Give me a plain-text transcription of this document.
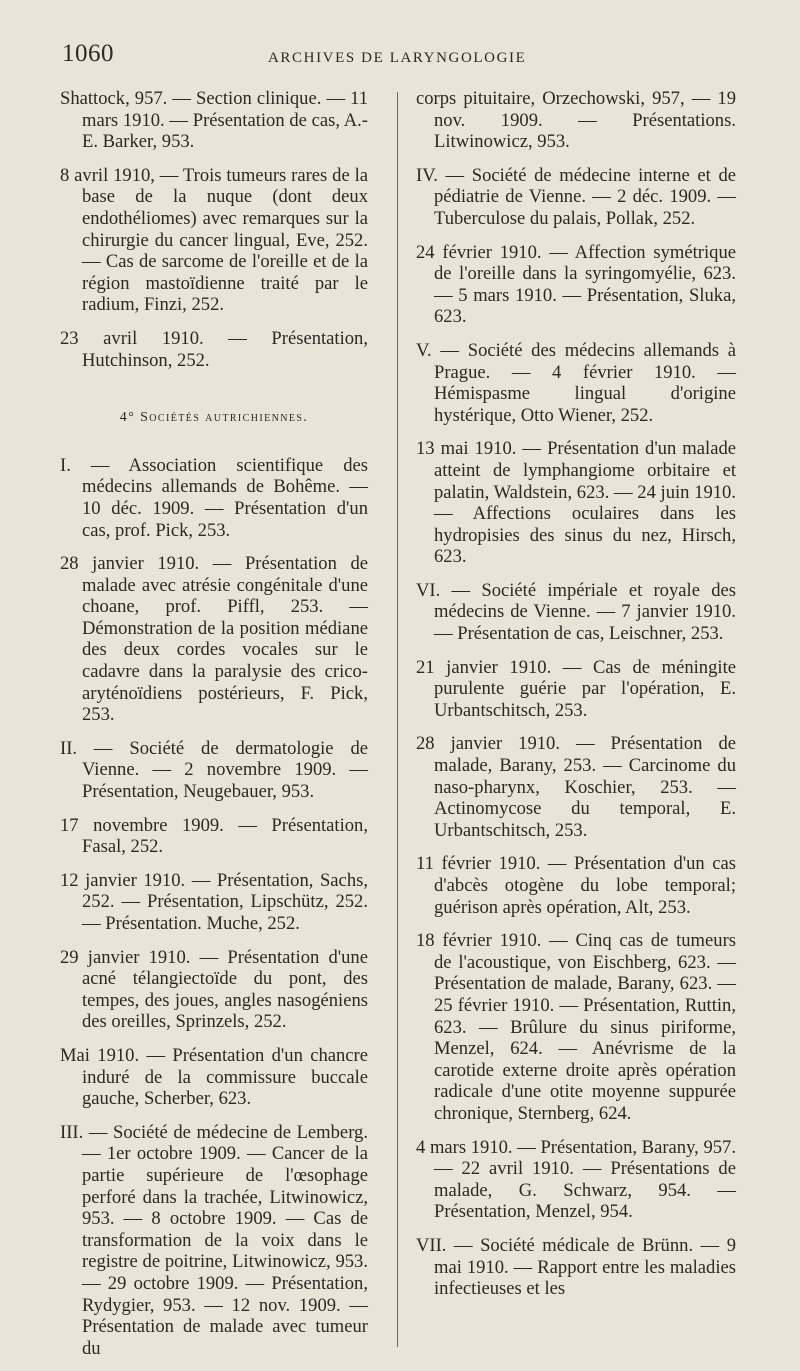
1060	ARCHIVES DE LARYNGOLOGIE

Shattock, 957. — Section clinique. — 11 mars 1910. — Présentation de cas, A.-E. Barker, 953.

8 avril 1910, — Trois tumeurs rares de la base de la nuque (dont deux endothéliomes) avec remarques sur la chirurgie du cancer lingual, Eve, 252. — Cas de sarcome de l'oreille et de la région mastoïdienne traité par le radium, Finzi, 252.

23 avril 1910. — Présentation, Hutchinson, 252.

4° Sociétés autrichiennes.

I. — Association scientifique des médecins allemands de Bohême. — 10 déc. 1909. — Présentation d'un cas, prof. Pick, 253.

28 janvier 1910. — Présentation de malade avec atrésie congénitale d'une choane, prof. Piffl, 253. — Démonstration de la position médiane des deux cordes vocales sur le cadavre dans la paralysie des crico-aryténoïdiens postérieurs, F. Pick, 253.

II. — Société de dermatologie de Vienne. — 2 novembre 1909. — Présentation, Neugebauer, 953.

17 novembre 1909. — Présentation, Fasal, 252.

12 janvier 1910. — Présentation, Sachs, 252. — Présentation, Lipschütz, 252. — Présentation. Muche, 252.

29 janvier 1910. — Présentation d'une acné télangiectoïde du pont, des tempes, des joues, angles nasogéniens des oreilles, Sprinzels, 252.

Mai 1910. — Présentation d'un chancre induré de la commissure buccale gauche, Scherber, 623.

III. — Société de médecine de Lemberg. — 1er octobre 1909. — Cancer de la partie supérieure de l'œsophage perforé dans la trachée, Litwinowicz, 953. — 8 octobre 1909. — Cas de transformation de la voix dans le registre de poitrine, Litwinowicz, 953. — 29 octobre 1909. — Présentation, Rydygier, 953. — 12 nov. 1909. — Présentation de malade avec tumeur du

corps pituitaire, Orzechowski, 957, — 19 nov. 1909. — Présentations. Litwinowicz, 953.

IV. — Société de médecine interne et de pédiatrie de Vienne. — 2 déc. 1909. — Tuberculose du palais, Pollak, 252.

24 février 1910. — Affection symétrique de l'oreille dans la syringomyélie, 623. — 5 mars 1910. — Présentation, Sluka, 623.

V. — Société des médecins allemands à Prague. — 4 février 1910. — Hémispasme lingual d'origine hystérique, Otto Wiener, 252.

13 mai 1910. — Présentation d'un malade atteint de lymphangiome orbitaire et palatin, Waldstein, 623. — 24 juin 1910. — Affections oculaires dans les hydropisies des sinus du nez, Hirsch, 623.

VI. — Société impériale et royale des médecins de Vienne. — 7 janvier 1910. — Présentation de cas, Leischner, 253.

21 janvier 1910. — Cas de méningite purulente guérie par l'opération, E. Urbantschitsch, 253.

28 janvier 1910. — Présentation de malade, Barany, 253. — Carcinome du naso-pharynx, Koschier, 253. — Actinomycose du temporal, E. Urbantschitsch, 253.

11 février 1910. — Présentation d'un cas d'abcès otogène du lobe temporal; guérison après opération, Alt, 253.

18 février 1910. — Cinq cas de tumeurs de l'acoustique, von Eischberg, 623. — Présentation de malade, Barany, 623. — 25 février 1910. — Présentation, Ruttin, 623. — Brûlure du sinus piriforme, Menzel, 624. — Anévrisme de la carotide externe droite après opération radicale d'une otite moyenne suppurée chronique, Sternberg, 624.

4 mars 1910. — Présentation, Barany, 957. — 22 avril 1910. — Présentations de malade, G. Schwarz, 954. — Présentation, Menzel, 954.

VII. — Société médicale de Brünn. — 9 mai 1910. — Rapport entre les maladies infectieuses et les
